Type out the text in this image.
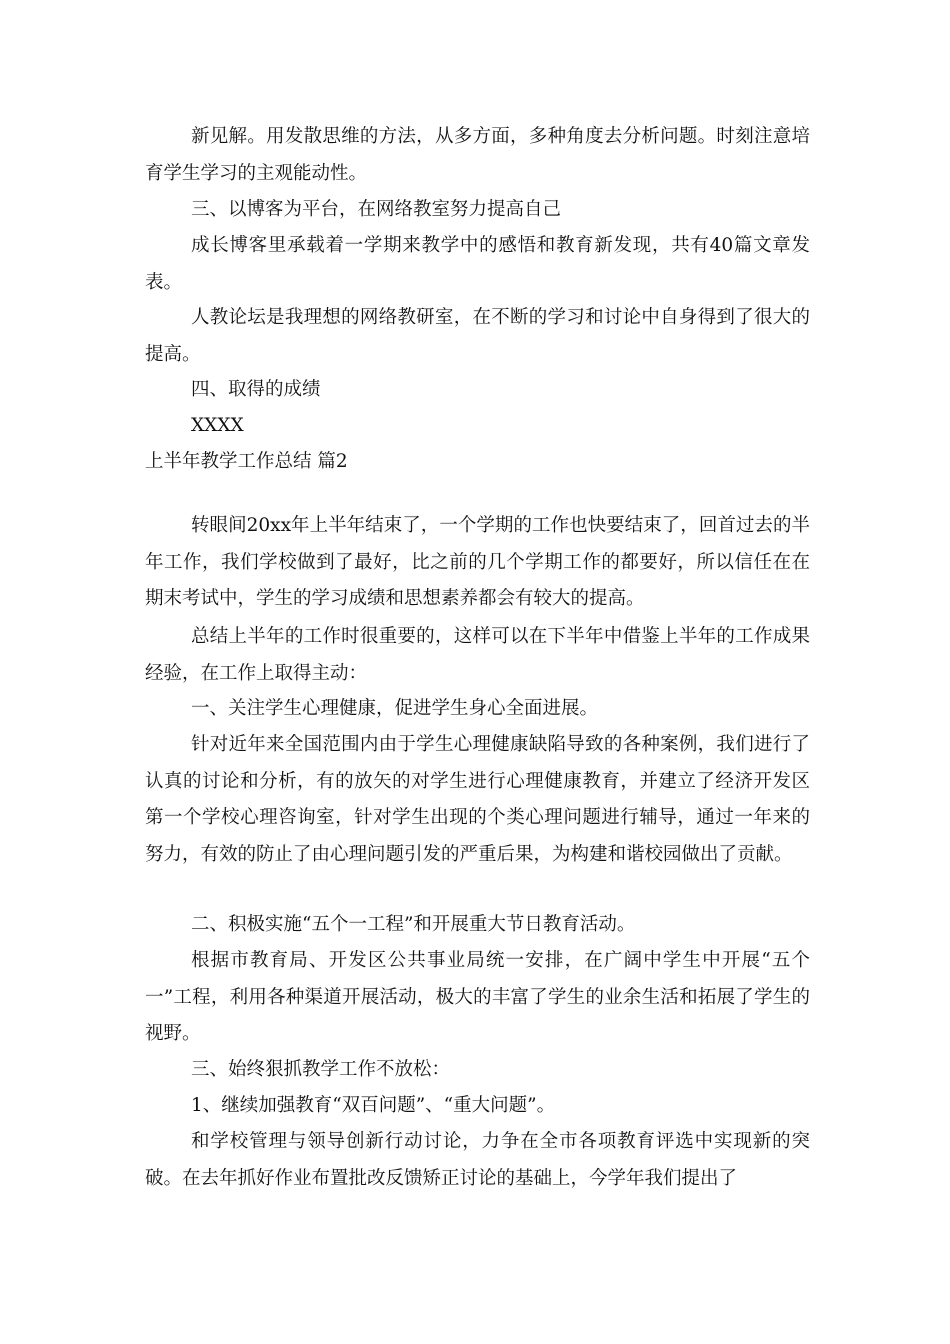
新见解。用发散思维的方法，从多方面，多种角度去分析问题。时刻注意培育学生学习的主观能动性。

三、以博客为平台，在网络教室努力提高自己

成长博客里承载着一学期来教学中的感悟和教育新发现，共有40篇文章发表。

人教论坛是我理想的网络教研室，在不断的学习和讨论中自身得到了很大的提高。

四、取得的成绩

XXXX

上半年教学工作总结 篇2

转眼间20xx年上半年结束了，一个学期的工作也快要结束了，回首过去的半年工作，我们学校做到了最好，比之前的几个学期工作的都要好，所以信任在在期末考试中，学生的学习成绩和思想素养都会有较大的提高。

总结上半年的工作时很重要的，这样可以在下半年中借鉴上半年的工作成果经验，在工作上取得主动：

一、关注学生心理健康，促进学生身心全面进展。

针对近年来全国范围内由于学生心理健康缺陷导致的各种案例，我们进行了认真的讨论和分析，有的放矢的对学生进行心理健康教育，并建立了经济开发区第一个学校心理咨询室，针对学生出现的个类心理问题进行辅导，通过一年来的努力，有效的防止了由心理问题引发的严重后果，为构建和谐校园做出了贡献。

二、积极实施“五个一工程”和开展重大节日教育活动。

根据市教育局、开发区公共事业局统一安排，在广阔中学生中开展“五个一”工程，利用各种渠道开展活动，极大的丰富了学生的业余生活和拓展了学生的视野。

三、始终狠抓教学工作不放松：

1、继续加强教育“双百问题”、“重大问题”。

和学校管理与领导创新行动讨论，力争在全市各项教育评选中实现新的突破。在去年抓好作业布置批改反馈矫正讨论的基础上，今学年我们提出了
